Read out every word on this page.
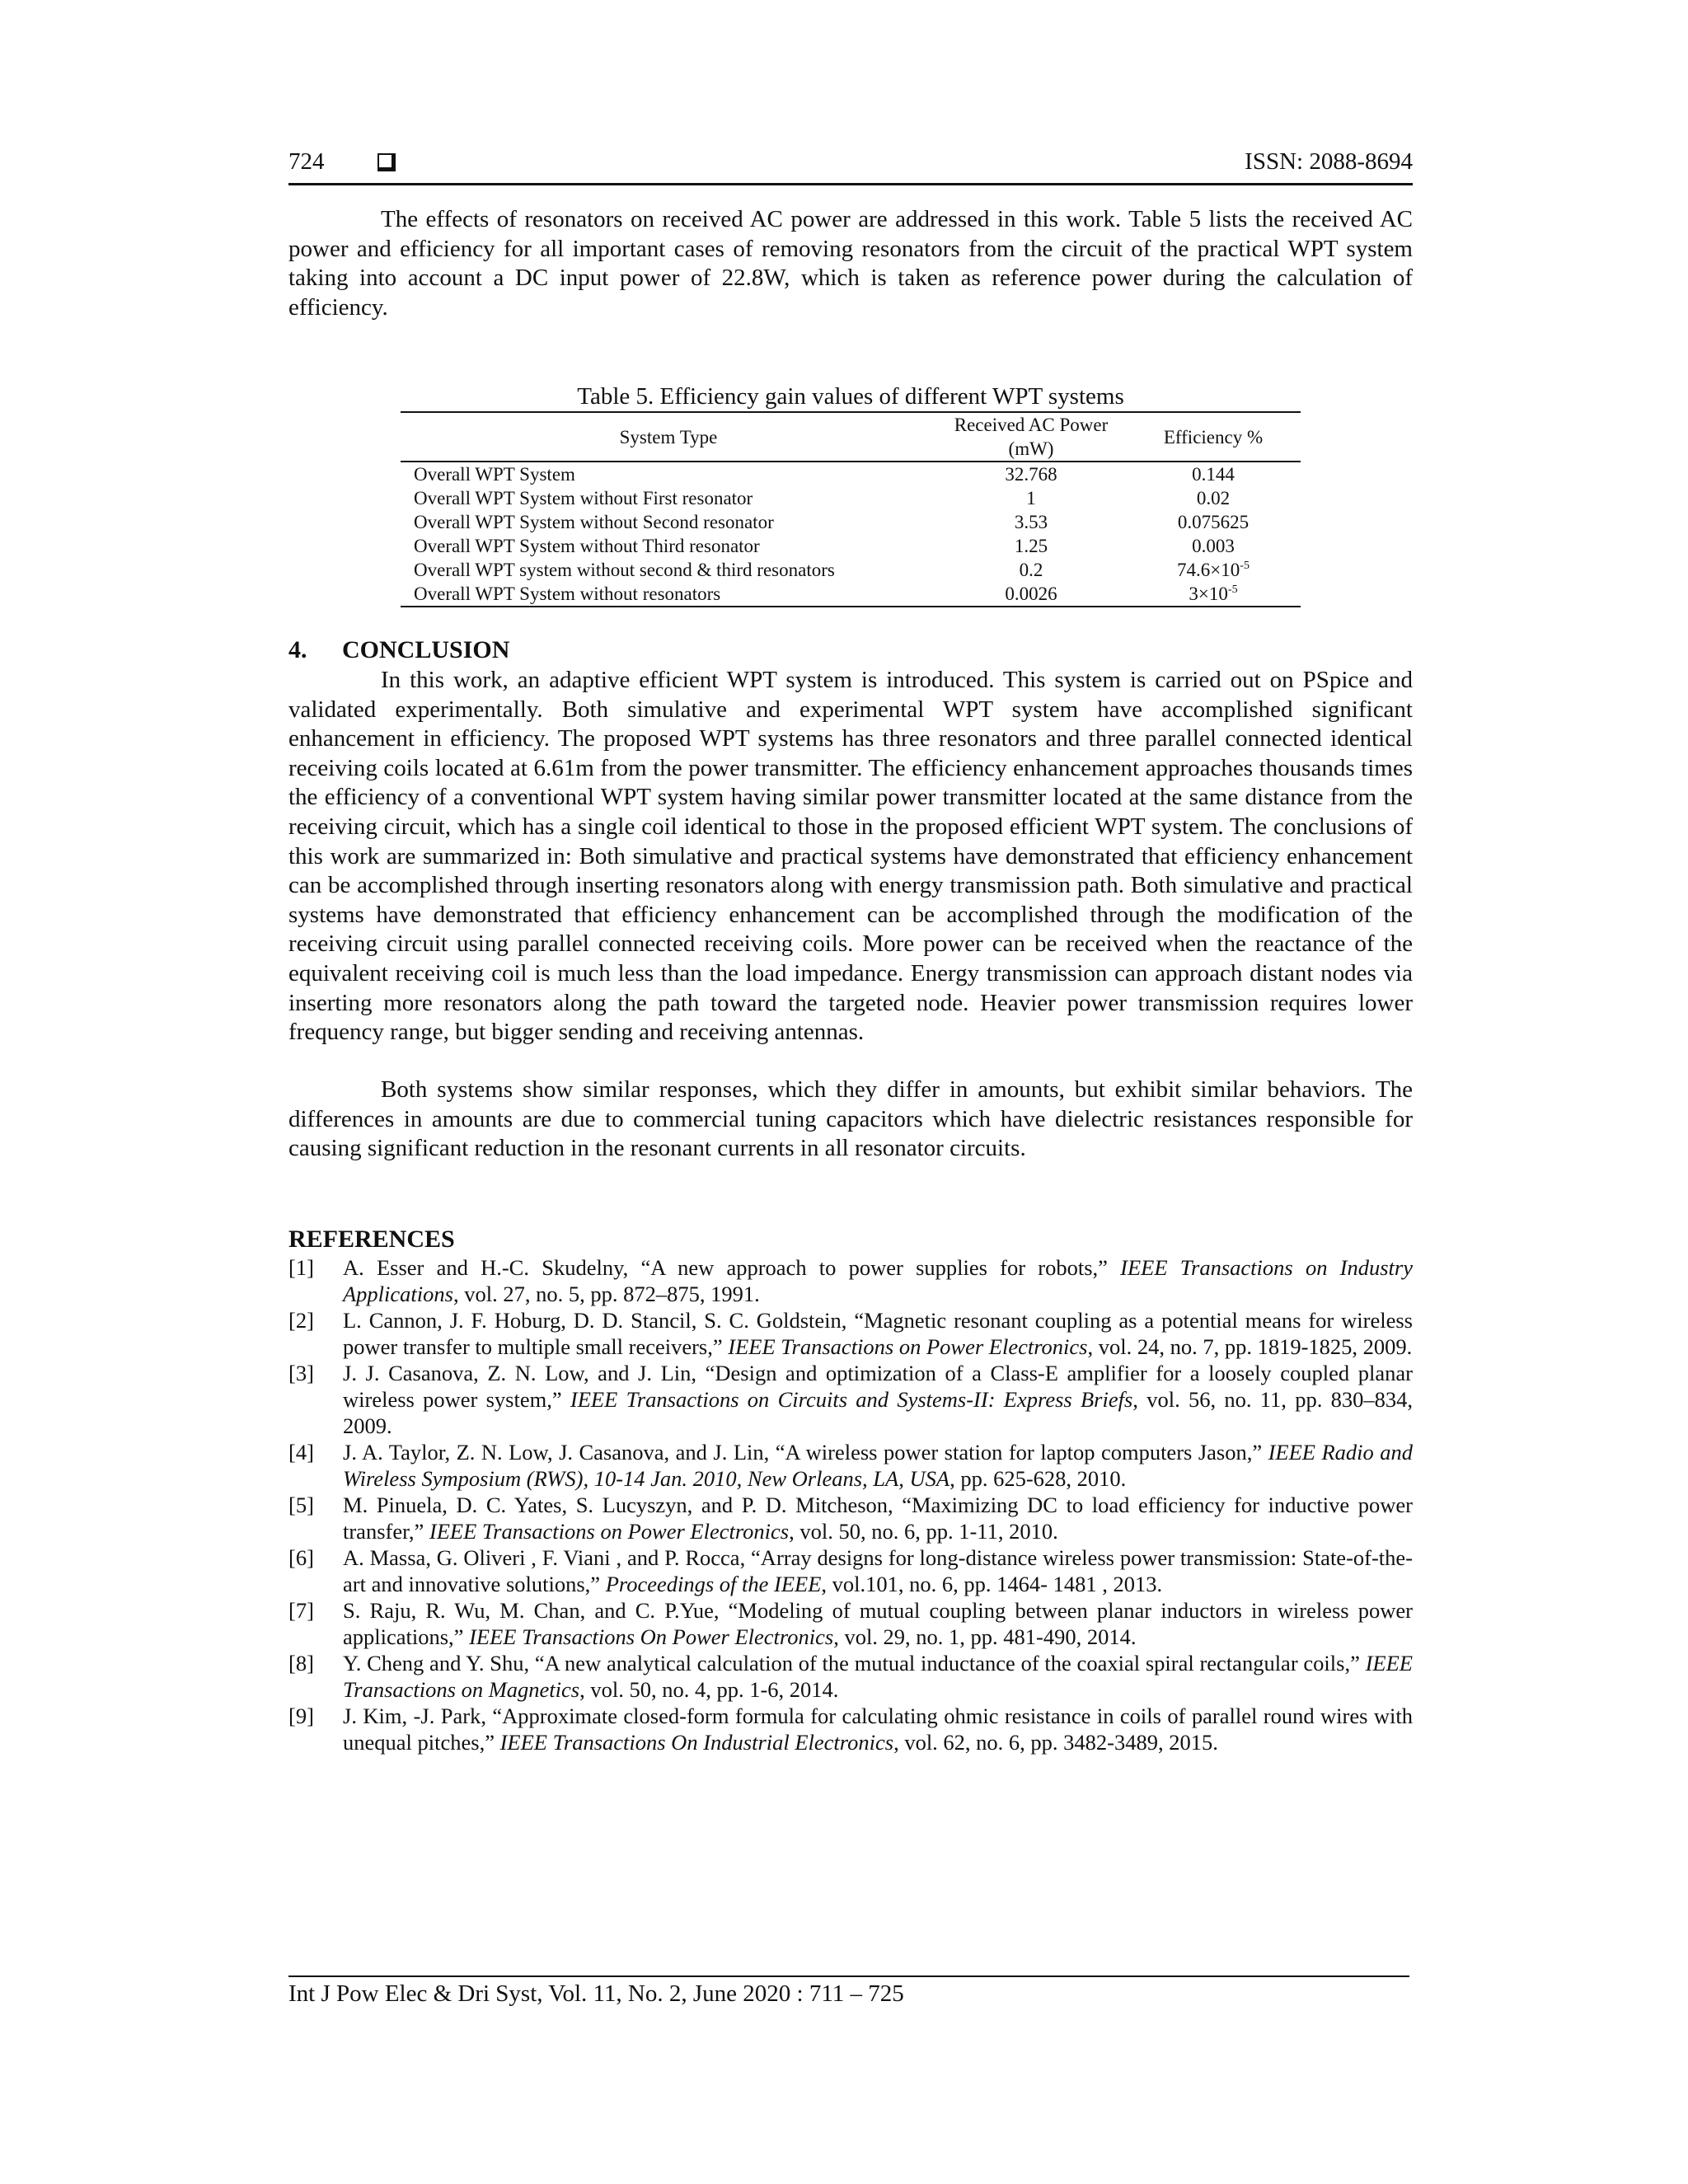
724	ISSN: 2088-8694

The effects of resonators on received AC power are addressed in this work. Table 5 lists the received AC power and efficiency for all important cases of removing resonators from the circuit of the practical WPT system taking into account a DC input power of 22.8W, which is taken as reference power during the calculation of efficiency.

Table 5. Efficiency gain values of different WPT systems
System Type	Received AC Power (mW)	Efficiency %
Overall WPT System	32.768	0.144
Overall WPT System without First resonator	1	0.02
Overall WPT System without Second resonator	3.53	0.075625
Overall WPT System without Third resonator	1.25	0.003
Overall WPT system without second & third resonators	0.2	$74.6\times 10^{-5}$
Overall WPT System without resonators	0.0026	$3\times 10^{-5}$
4. CONCLUSION

In this work, an adaptive efficient WPT system is introduced. This system is carried out on PSpice and validated experimentally. Both simulative and experimental WPT system have accomplished significant enhancement in efficiency. The proposed WPT systems has three resonators and three parallel connected identical receiving coils located at 6.61m from the power transmitter. The efficiency enhancement approaches thousands times the efficiency of a conventional WPT system having similar power transmitter located at the same distance from the receiving circuit, which has a single coil identical to those in the proposed efficient WPT system. The conclusions of this work are summarized in: Both simulative and practical systems have demonstrated that efficiency enhancement can be accomplished through inserting resonators along with energy transmission path. Both simulative and practical systems have demonstrated that efficiency enhancement can be accomplished through the modification of the receiving circuit using parallel connected receiving coils. More power can be received when the reactance of the equivalent receiving coil is much less than the load impedance. Energy transmission can approach distant nodes via inserting more resonators along the path toward the targeted node. Heavier power transmission requires lower frequency range, but bigger sending and receiving antennas.

Both systems show similar responses, which they differ in amounts, but exhibit similar behaviors. The differences in amounts are due to commercial tuning capacitors which have dielectric resistances responsible for causing significant reduction in the resonant currents in all resonator circuits.

REFERENCES
[1] A. Esser and H.-C. Skudelny, “A new approach to power supplies for robots,” IEEE Transactions on Industry Applications, vol. 27, no. 5, pp. 872–875, 1991.
[2] L. Cannon, J. F. Hoburg, D. D. Stancil, S. C. Goldstein, “Magnetic resonant coupling as a potential means for wireless power transfer to multiple small receivers,” IEEE Transactions on Power Electronics, vol. 24, no. 7, pp. 1819-1825, 2009.
[3] J. J. Casanova, Z. N. Low, and J. Lin, “Design and optimization of a Class-E amplifier for a loosely coupled planar wireless power system,” IEEE Transactions on Circuits and Systems-II: Express Briefs, vol. 56, no. 11, pp. 830–834, 2009.
[4] J. A. Taylor, Z. N. Low, J. Casanova, and J. Lin, “A wireless power station for laptop computers Jason,” IEEE Radio and Wireless Symposium (RWS), 10-14 Jan. 2010, New Orleans, LA, USA, pp. 625-628, 2010.
[5] M. Pinuela, D. C. Yates, S. Lucyszyn, and P. D. Mitcheson, “Maximizing DC to load efficiency for inductive power transfer,” IEEE Transactions on Power Electronics, vol. 50, no. 6, pp. 1-11, 2010.
[6] A. Massa, G. Oliveri , F. Viani , and P. Rocca, “Array designs for long-distance wireless power transmission: State-of-the-art and innovative solutions,” Proceedings of the IEEE, vol.101, no. 6, pp. 1464- 1481 , 2013.
[7] S. Raju, R. Wu, M. Chan, and C. P.Yue, “Modeling of mutual coupling between planar inductors in wireless power applications,” IEEE Transactions On Power Electronics, vol. 29, no. 1, pp. 481-490, 2014.
[8] Y. Cheng and Y. Shu, “A new analytical calculation of the mutual inductance of the coaxial spiral rectangular coils,” IEEE Transactions on Magnetics, vol. 50, no. 4, pp. 1-6, 2014.
[9] J. Kim, -J. Park, “Approximate closed-form formula for calculating ohmic resistance in coils of parallel round wires with unequal pitches,” IEEE Transactions On Industrial Electronics, vol. 62, no. 6, pp. 3482-3489, 2015.
Int J Pow Elec & Dri Syst, Vol. 11, No. 2, June 2020 : 711 – 725
